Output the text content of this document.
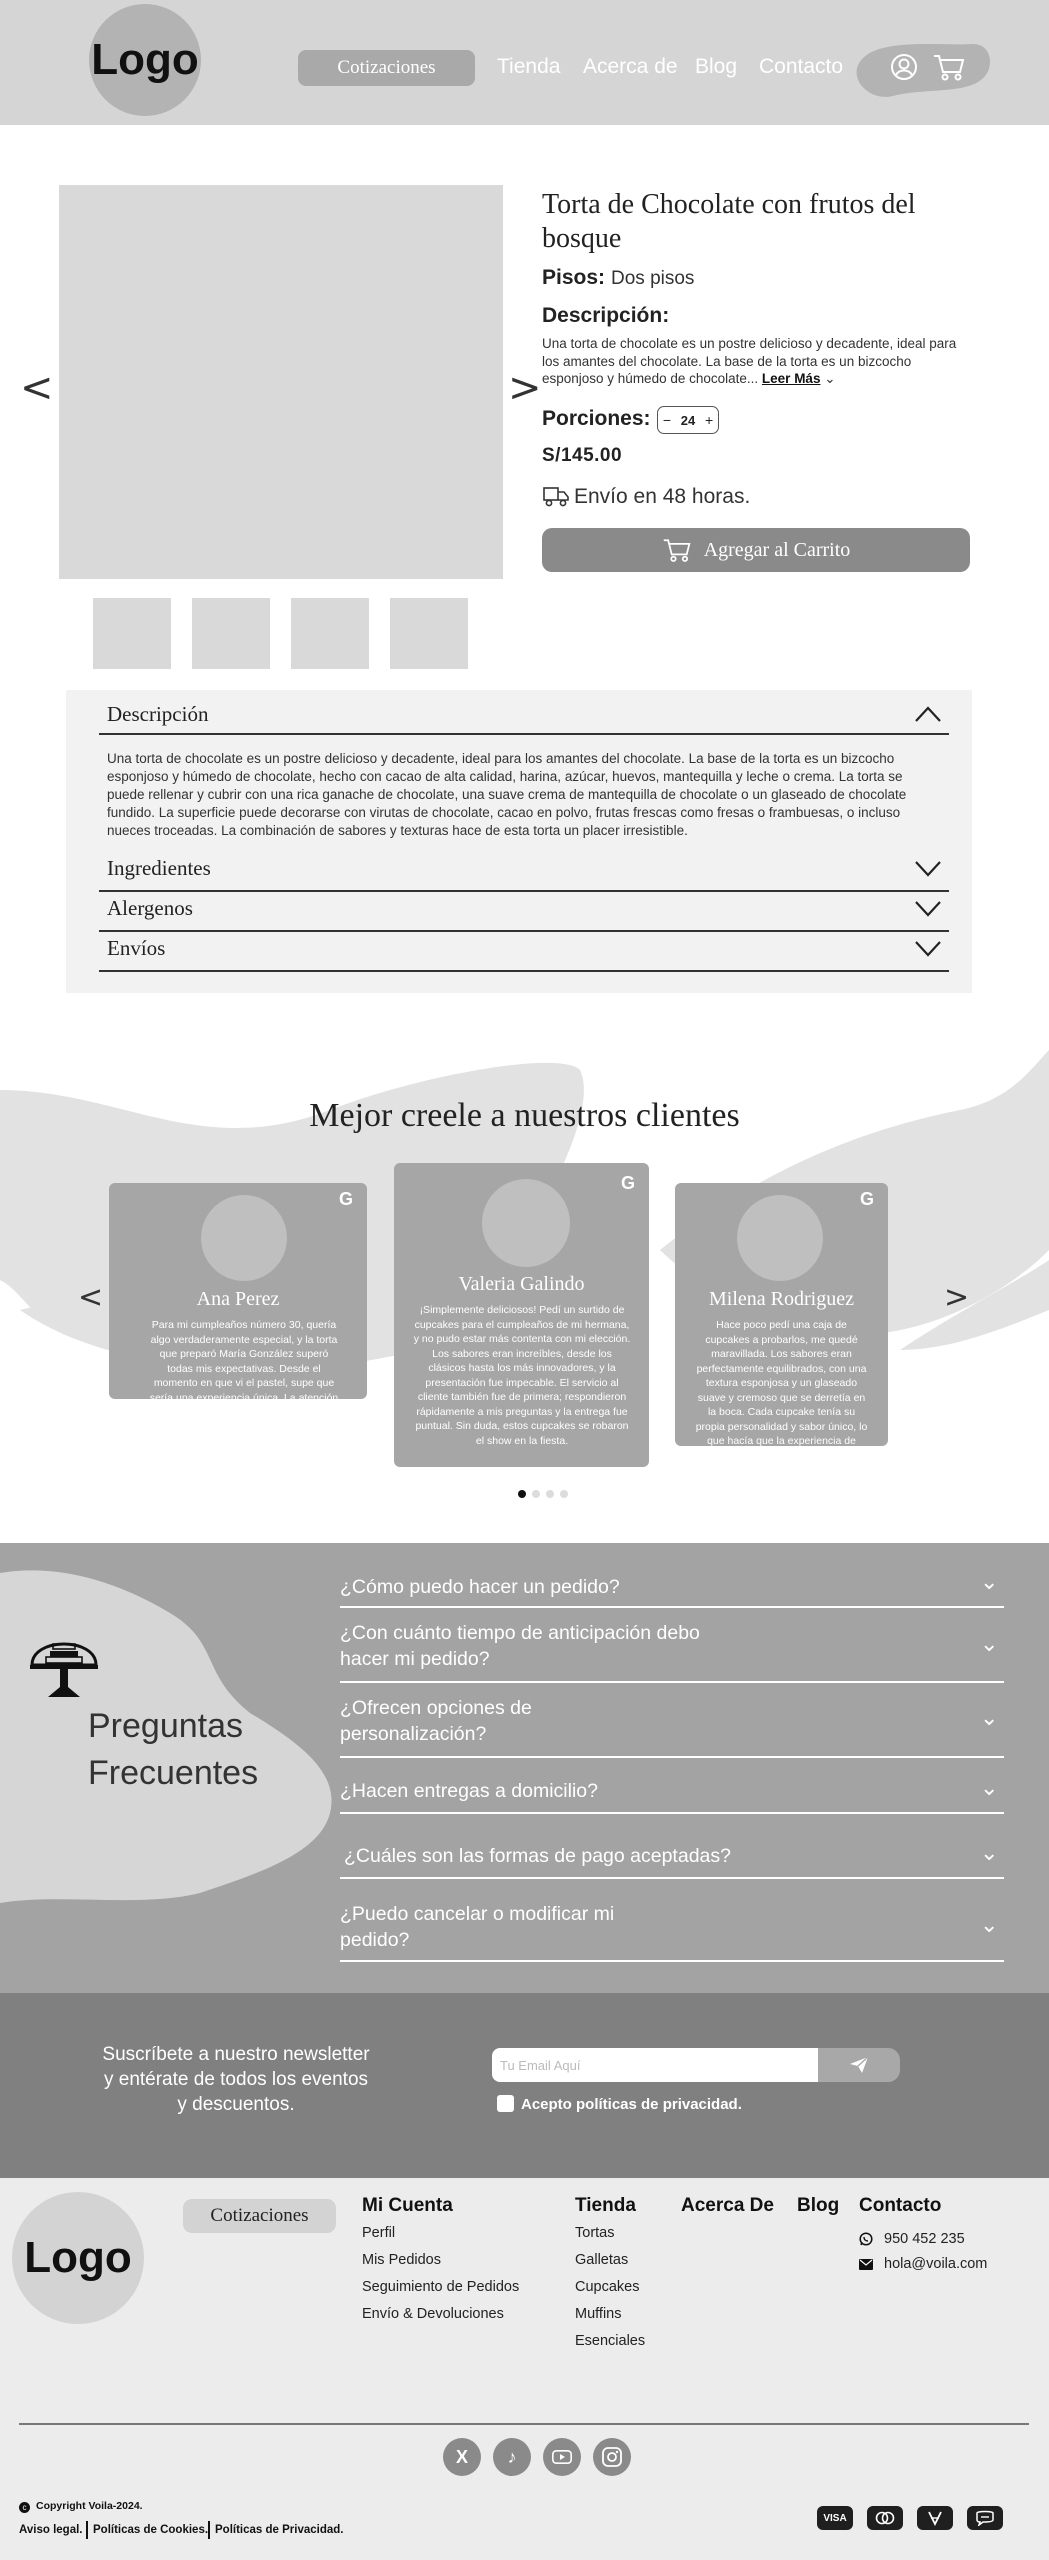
Logo	Cotizaciones	Tienda Acerca de Blog Contacto
<	>
Torta de Chocolate con frutos del bosque
Pisos: Dos pisos
Descripción:
Una torta de chocolate es un postre delicioso y decadente, ideal para los amantes del chocolate. La base de la torta es un bizcocho esponjoso y húmedo de chocolate... Leer Más ⌄
Porciones: − 24 +
S/145.00
Envío en 48 horas.
Agregar al Carrito
Descripción
Una torta de chocolate es un postre delicioso y decadente, ideal para los amantes del chocolate. La base de la torta es un bizcocho esponjoso y húmedo de chocolate, hecho con cacao de alta calidad, harina, azúcar, huevos, mantequilla y leche o crema. La torta se puede rellenar y cubrir con una rica ganache de chocolate, una suave crema de mantequilla de chocolate o un glaseado de chocolate fundido. La superficie puede decorarse con virutas de chocolate, cacao en polvo, frutas frescas como fresas o frambuesas, o incluso nueces troceadas. La combinación de sabores y texturas hace de esta torta un placer irresistible.
Ingredientes
Alergenos
Envíos
Mejor creele a nuestros clientes
<	>
G
Ana Perez
Para mi cumpleaños número 30, quería algo verdaderamente especial, y la torta que preparó María González superó todas mis expectativas. Desde el momento en que vi el pastel, supe que sería una experiencia única. La atención al detalle era impecable: cada flor de fondant, cada capa de glaseado, todo era perfecto.
G
Valeria Galindo
¡Simplemente deliciosos! Pedí un surtido de cupcakes para el cumpleaños de mi hermana, y no pudo estar más contenta con mi elección. Los sabores eran increíbles, desde los clásicos hasta los más innovadores, y la presentación fue impecable. El servicio al cliente también fue de primera; respondieron rápidamente a mis preguntas y la entrega fue puntual. Sin duda, estos cupcakes se robaron el show en la fiesta.
G
Milena Rodriguez
Hace poco pedí una caja de cupcakes a probarlos, me quedé maravillada. Los sabores eran perfectamente equilibrados, con una textura esponjosa y un glaseado suave y cremoso que se derretía en la boca. Cada cupcake tenía su propia personalidad y sabor único, lo que hacía que la experiencia de probarlos fuera aún más emocionante.
Preguntas
Frecuentes
¿Cómo puedo hacer un pedido?	⌄
¿Con cuánto tiempo de anticipación debo hacer mi pedido?
⌄
¿Ofrecen opciones de personalización?
⌄
¿Hacen entregas a domicilio?	⌄
¿Cuáles son las formas de pago aceptadas?	⌄
¿Puedo cancelar o modificar mi pedido?
⌄
Suscríbete a nuestro newsletter y entérate de todos los eventos y descuentos.
Tu Email Aquí	Acepto políticas de privacidad.
Logo
Cotizaciones	Mi Cuenta
Perfil
Mis Pedidos
Seguimiento de Pedidos
Envío & Devoluciones
Tienda
Tortas
Galletas
Cupcakes
Muffins
Esenciales
Acerca De Blog Contacto
950 452 235
hola@voila.com
X	♪
c Copyright Voila-2024.
Aviso legal. Políticas de Cookies. Políticas de Privacidad.
VISA
